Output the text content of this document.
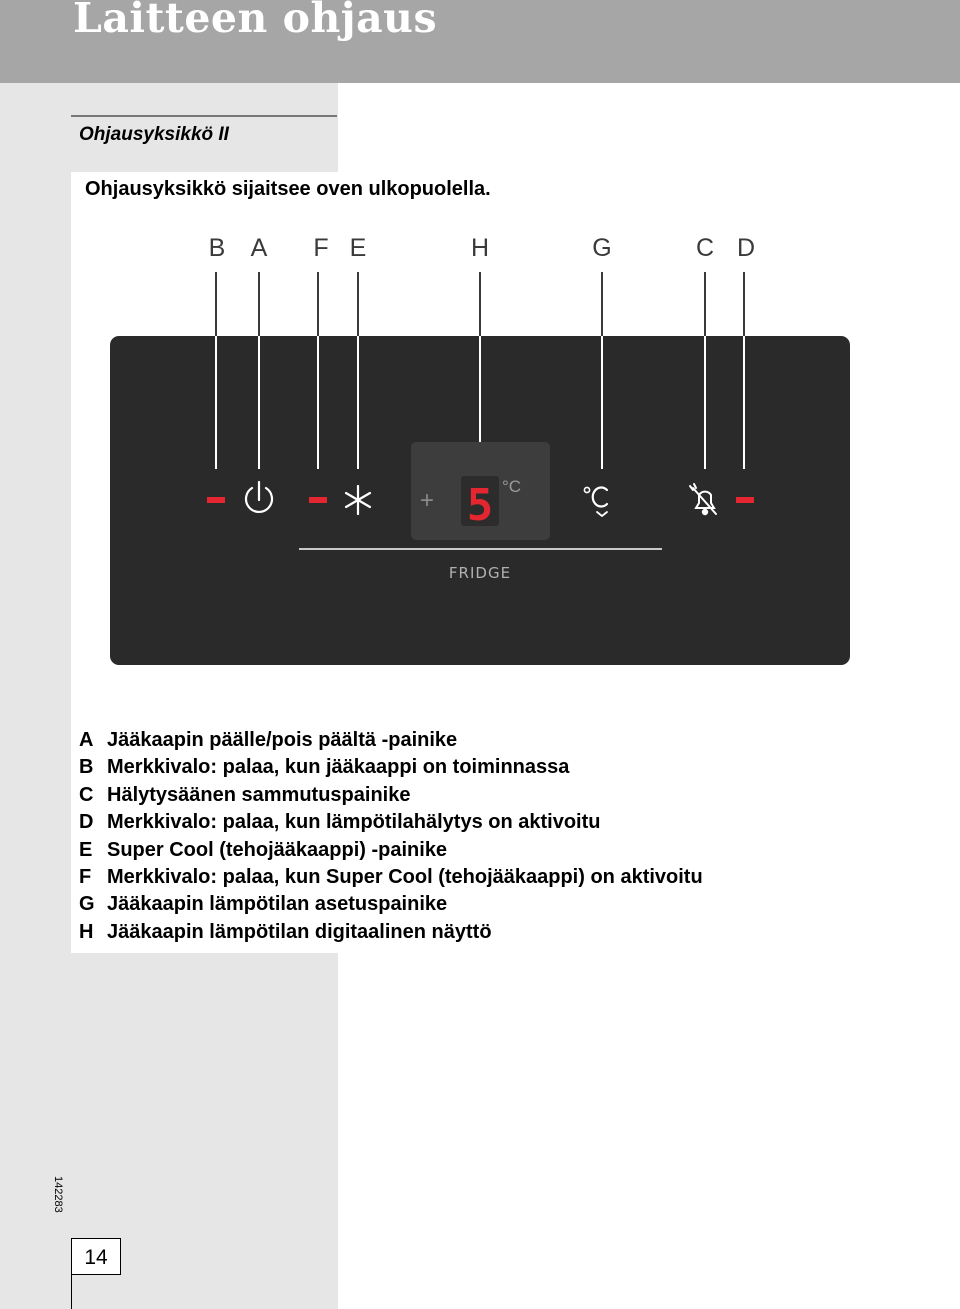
Laitteen ohjaus
Ohjausyksikkö II

Ohjausyksikkö sijaitsee oven ulkopuolella.

B A F E	H	G	C D
+ 5 °C
FRIDGE
A Jääkaapin päälle/pois päältä -painike
B Merkkivalo: palaa, kun jääkaappi on toiminnassa
C Hälytysäänen sammutuspainike
D Merkkivalo: palaa, kun lämpötilahälytys on aktivoitu
E Super Cool (tehojääkaappi) -painike
F Merkkivalo: palaa, kun Super Cool (tehojääkaappi) on aktivoitu
G Jääkaapin lämpötilan asetuspainike
H Jääkaapin lämpötilan digitaalinen näyttö
142283
14
